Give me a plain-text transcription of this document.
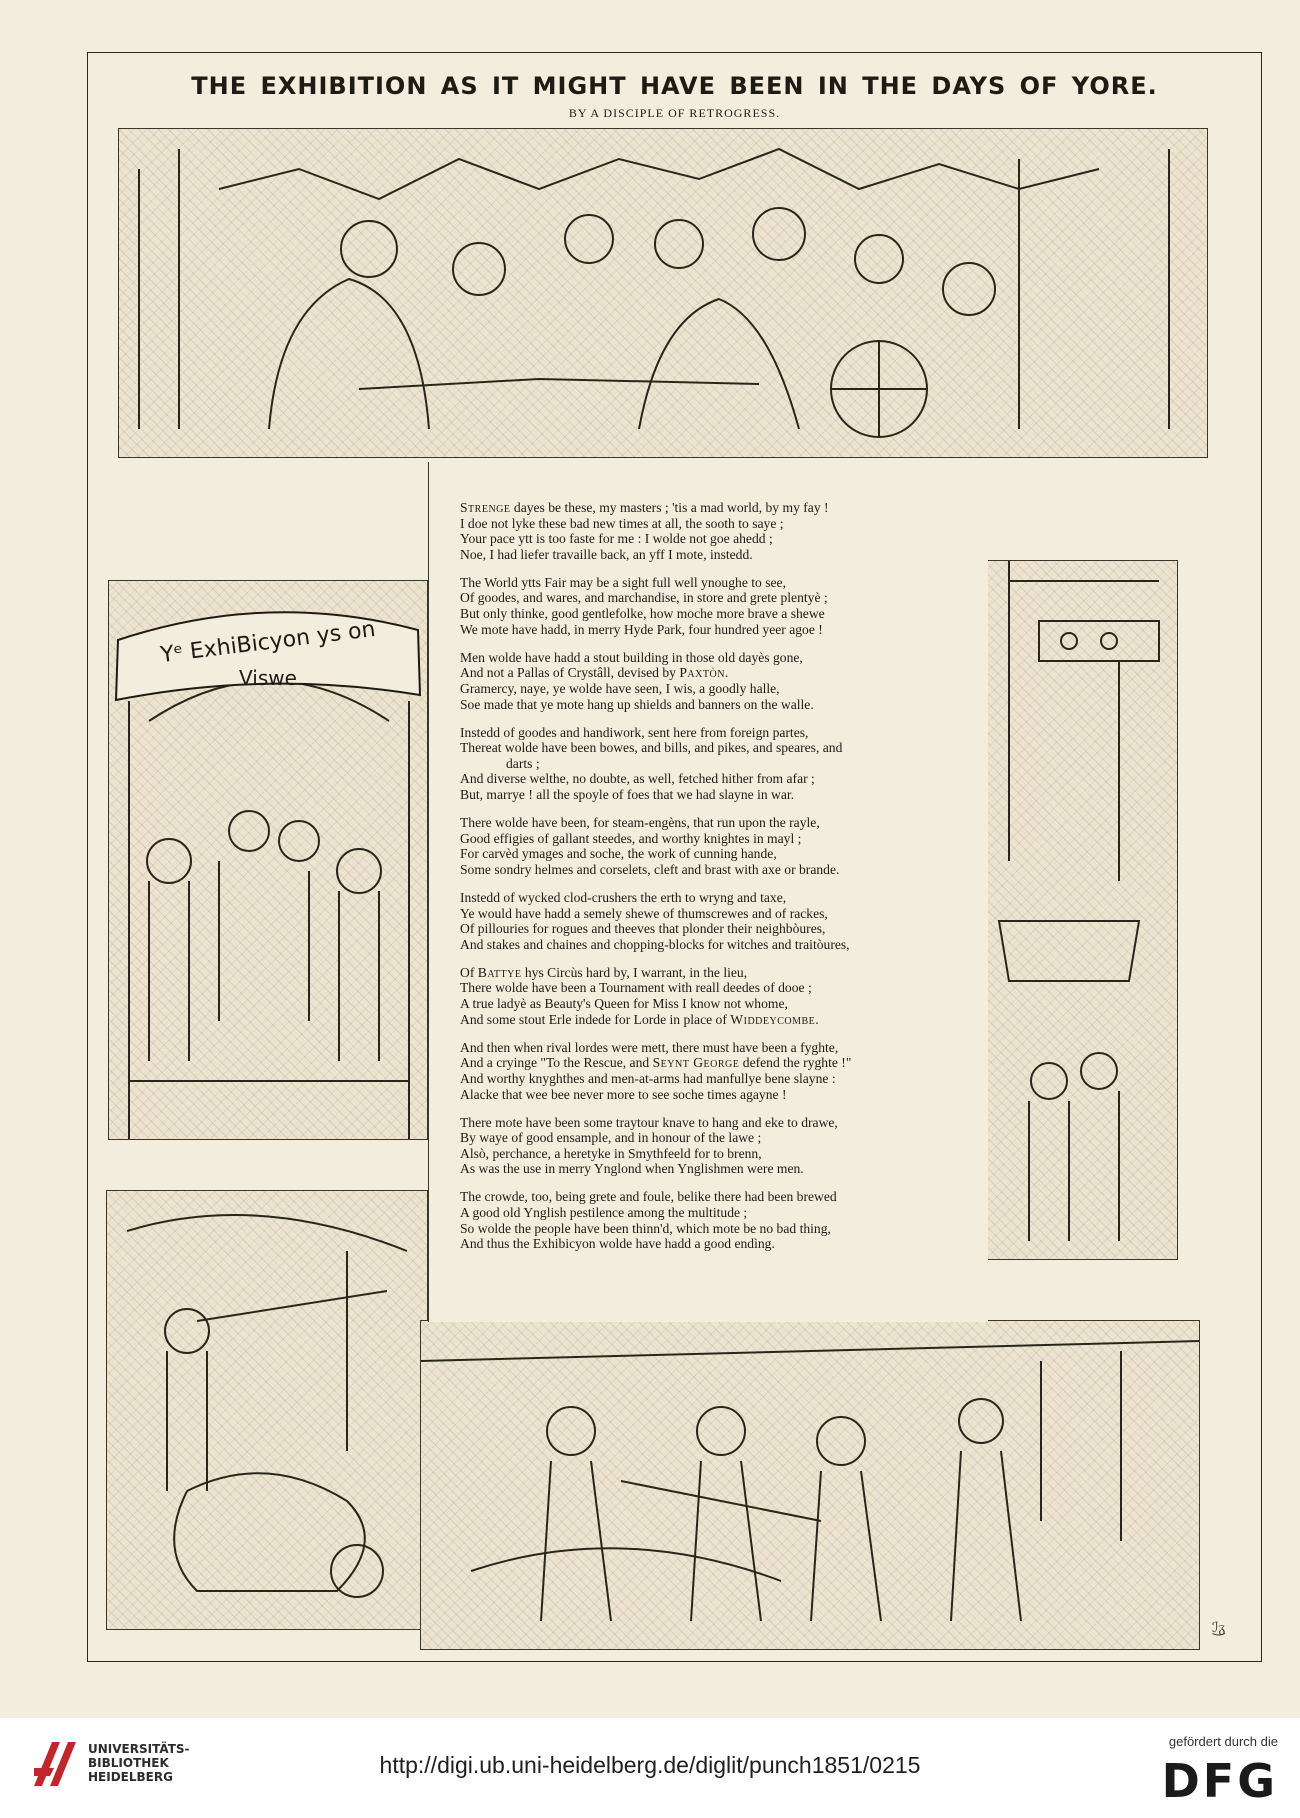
THE EXHIBITION AS IT MIGHT HAVE BEEN IN THE DAYS OF YORE.

BY A DISCIPLE OF RETROGRESS.

Yᵉ ExhiBicyon ys on
Viswe
Strenge dayes be these, my masters ; 'tis a mad world, by my fay !
I doe not lyke these bad new times at all, the sooth to saye ;
Your pace ytt is too faste for me : I wolde not goe ahedd ;
Noe, I had liefer travaille back, an yff I mote, instedd.
The World ytts Fair may be a sight full well ynoughe to see,
Of goodes, and wares, and marchandise, in store and grete plentyè ;
But only thinke, good gentlefolke, how moche more brave a shewe
We mote have hadd, in merry Hyde Park, four hundred yeer agoe !
Men wolde have hadd a stout building in those old dayès gone,
And not a Pallas of Crystâll, devised by Paxtòn.
Gramercy, naye, ye wolde have seen, I wis, a goodly halle,
Soe made that ye mote hang up shields and banners on the walle.
Instedd of goodes and handiwork, sent here from foreign partes,
Thereat wolde have been bowes, and bills, and pikes, and speares, and
darts ;
And diverse welthe, no doubte, as well, fetched hither from afar ;
But, marrye ! all the spoyle of foes that we had slayne in war.
There wolde have been, for steam-engèns, that run upon the rayle,
Good effigies of gallant steedes, and worthy knightes in mayl ;
For carvèd ymages and soche, the work of cunning hande,
Some sondry helmes and corselets, cleft and brast with axe or brande.
Instedd of wycked clod-crushers the erth to wryng and taxe,
Ye would have hadd a semely shewe of thumscrewes and of rackes,
Of pillouries for rogues and theeves that plonder their neighbòures,
And stakes and chaines and chopping-blocks for witches and traitòures,
Of Battye hys Circùs hard by, I warrant, in the lieu,
There wolde have been a Tournament with reall deedes of dooe ;
A true ladyè as Beauty's Queen for Miss I know not whome,
And some stout Erle indede for Lorde in place of Widdeycombe.
And then when rival lordes were mett, there must have been a fyghte,
And a cryinge "To the Rescue, and Seynt George defend the ryghte !"
And worthy knyghthes and men-at-arms had manfullye bene slayne :
Alacke that wee bee never more to see soche times agayne !
There mote have been some traytour knave to hang and eke to drawe,
By waye of good ensample, and in honour of the lawe ;
Alsò, perchance, a heretyke in Smythfeeld for to brenn,
As was the use in merry Ynglond when Ynglishmen were men.
The crowde, too, being grete and foule, belike there had been brewed
A good old Ynglish pestilence among the multitude ;
So wolde the people have been thinn'd, which mote be no bad thing,
And thus the Exhibicyon wolde have hadd a good endìng.
ℐ͜ᵹ
UNIVERSITÄTS-
BIBLIOTHEK
HEIDELBERG	http://digi.ub.uni-heidelberg.de/diglit/punch1851/0215
gefördert durch die
DFG
